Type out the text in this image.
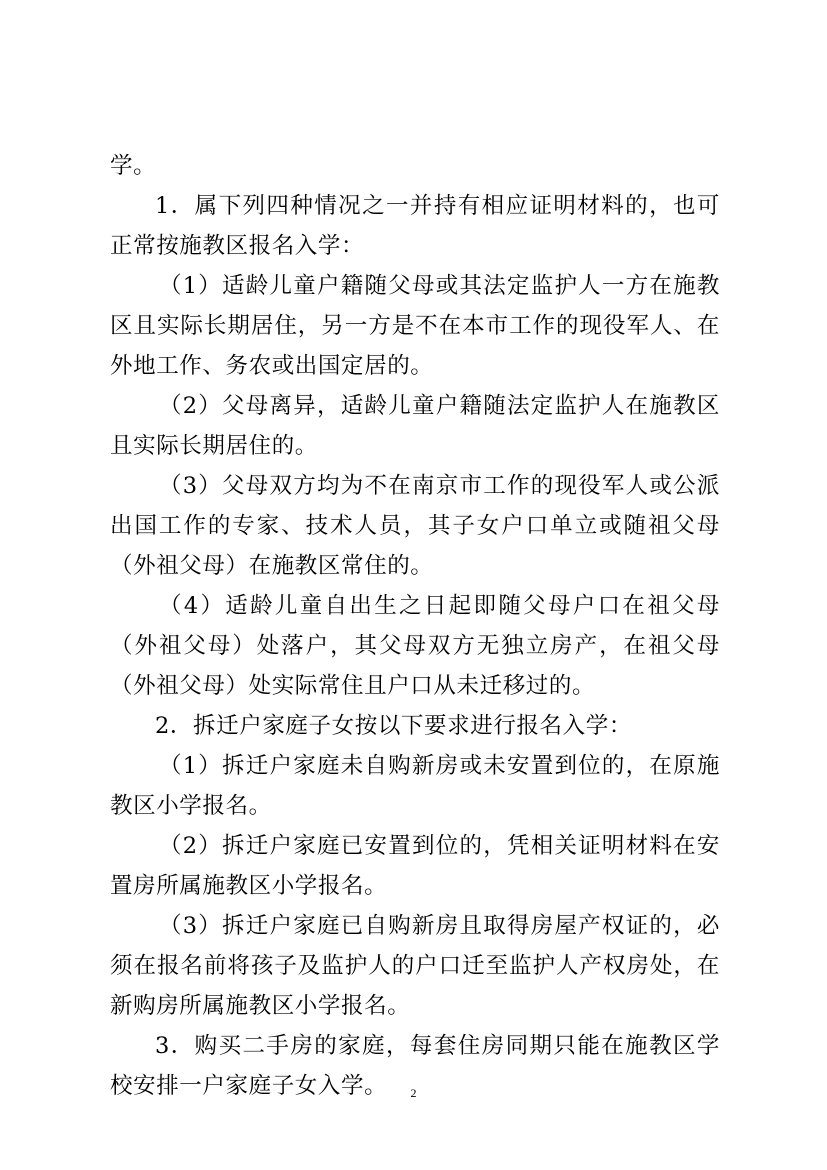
学。

1．属下列四种情况之一并持有相应证明材料的，也可正常按施教区报名入学：

（1）适龄儿童户籍随父母或其法定监护人一方在施教区且实际长期居住，另一方是不在本市工作的现役军人、在外地工作、务农或出国定居的。

（2）父母离异，适龄儿童户籍随法定监护人在施教区且实际长期居住的。

（3）父母双方均为不在南京市工作的现役军人或公派出国工作的专家、技术人员，其子女户口单立或随祖父母（外祖父母）在施教区常住的。

（4）适龄儿童自出生之日起即随父母户口在祖父母（外祖父母）处落户，其父母双方无独立房产，在祖父母（外祖父母）处实际常住且户口从未迁移过的。

2．拆迁户家庭子女按以下要求进行报名入学：

（1）拆迁户家庭未自购新房或未安置到位的，在原施教区小学报名。

（2）拆迁户家庭已安置到位的，凭相关证明材料在安置房所属施教区小学报名。

（3）拆迁户家庭已自购新房且取得房屋产权证的，必须在报名前将孩子及监护人的户口迁至监护人产权房处，在新购房所属施教区小学报名。

3．购买二手房的家庭，每套住房同期只能在施教区学校安排一户家庭子女入学。	2
